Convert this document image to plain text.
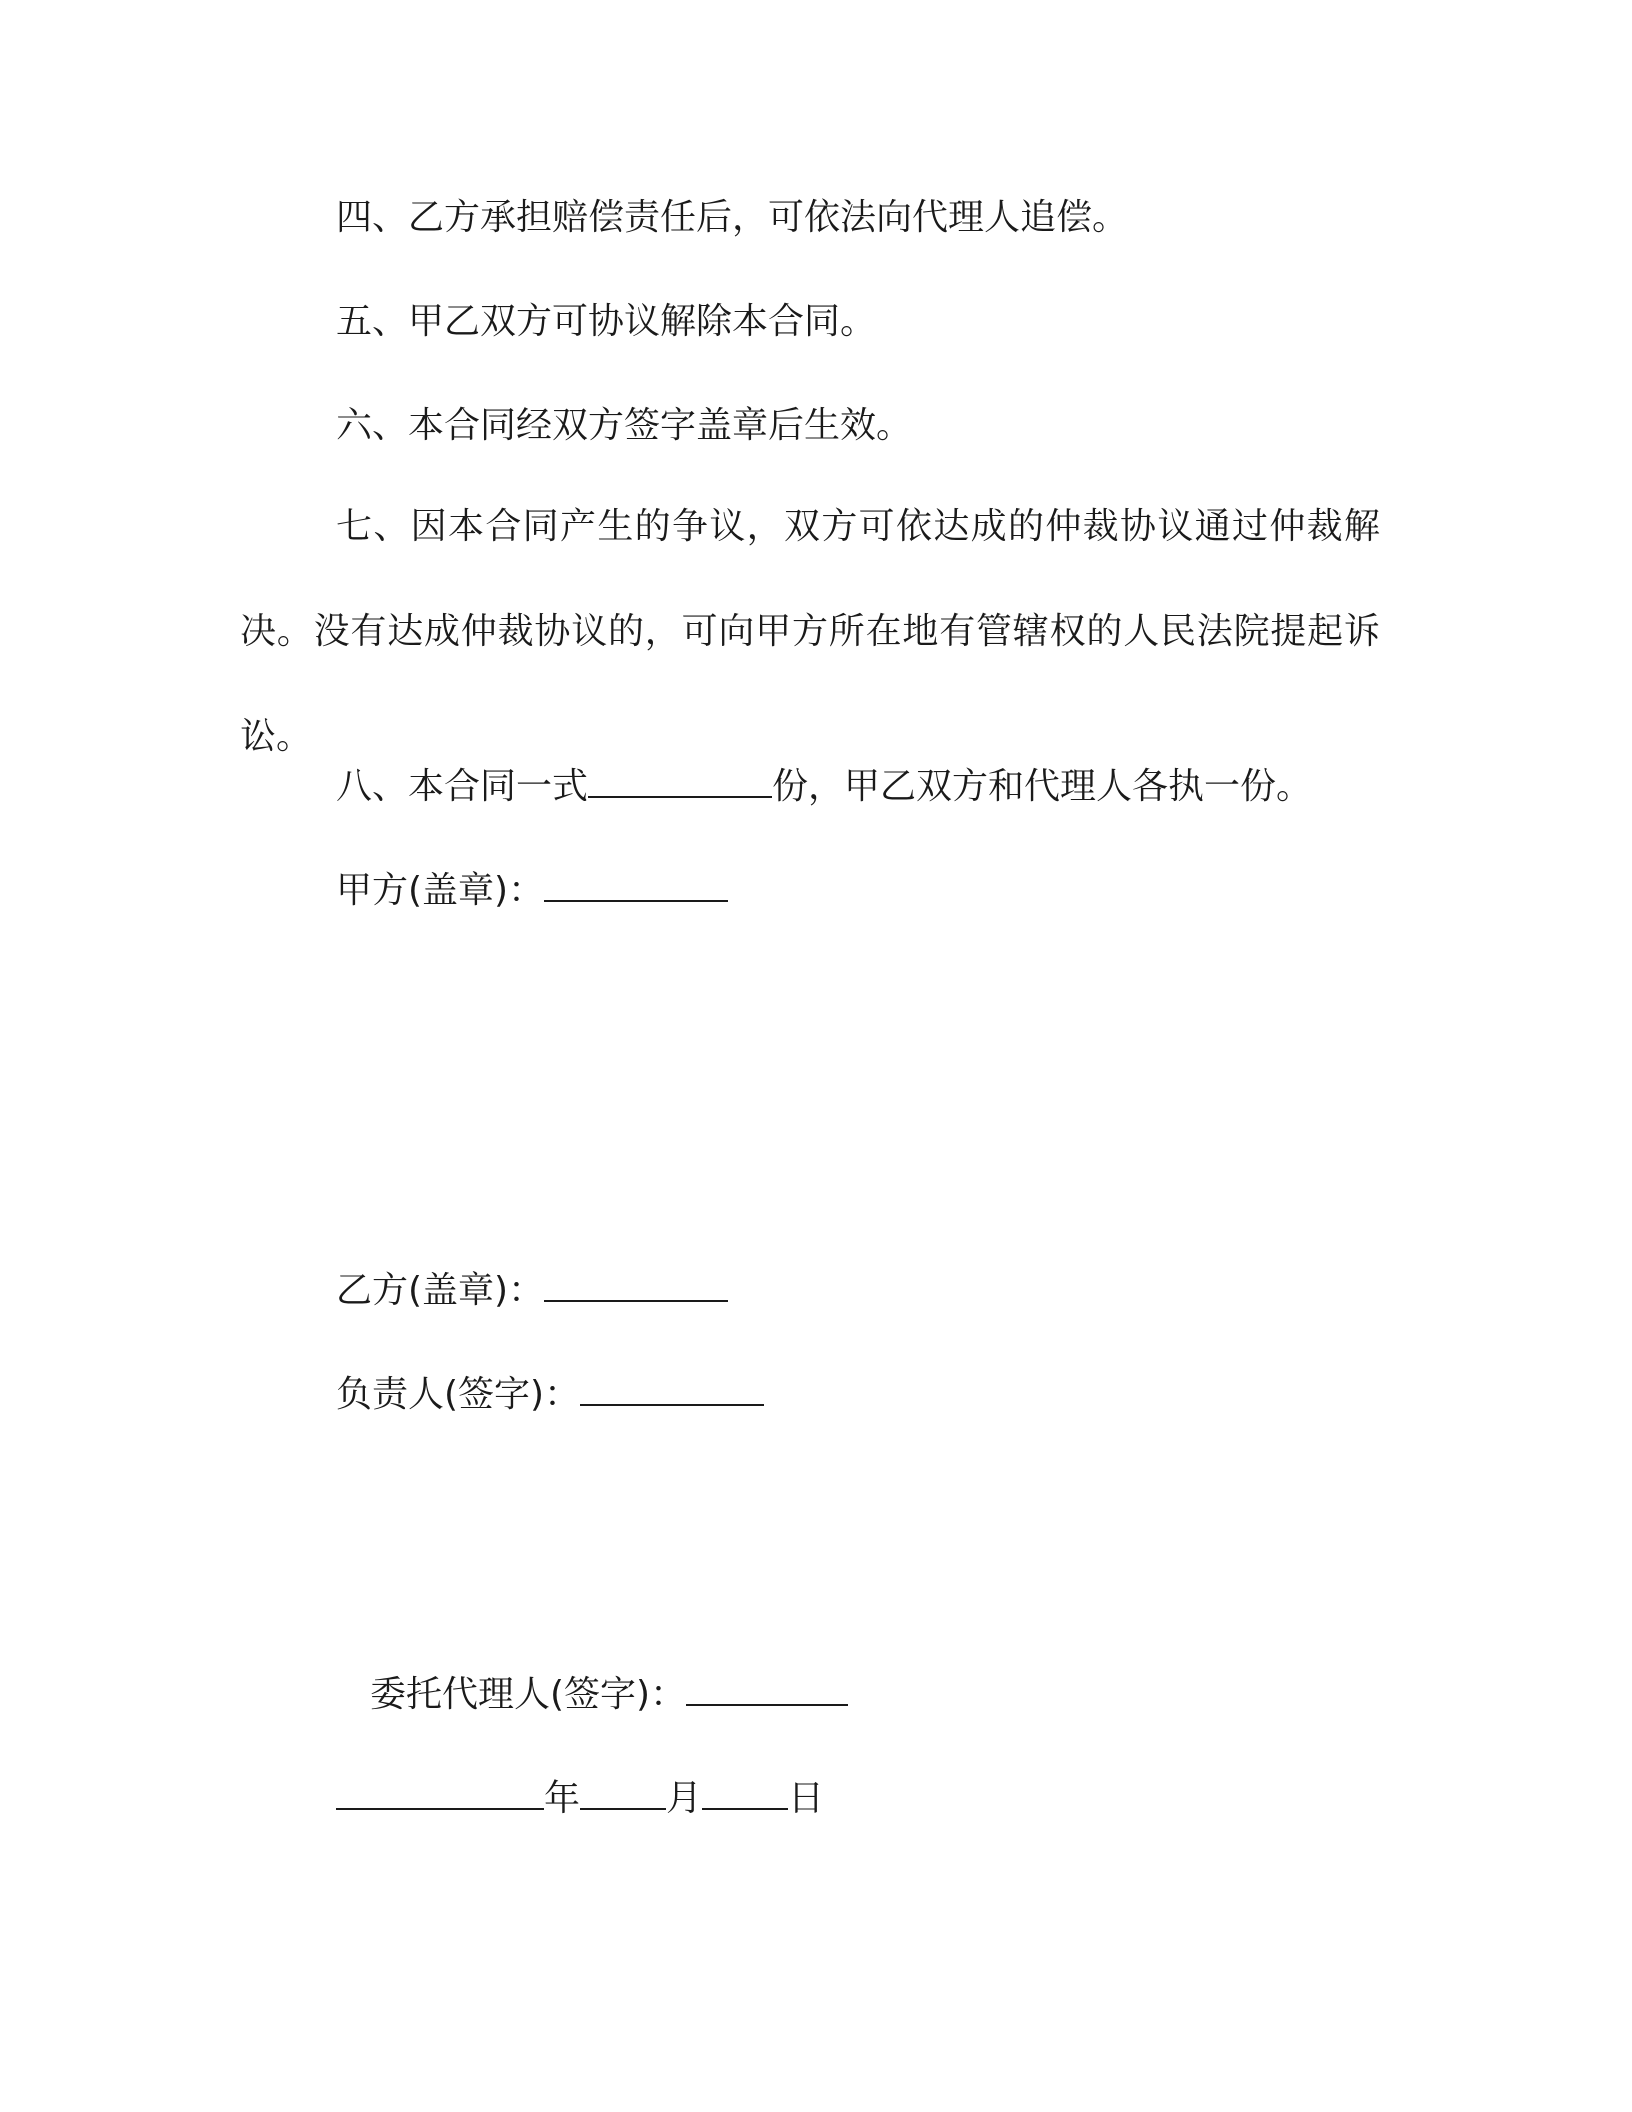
四、乙方承担赔偿责任后，可依法向代理人追偿。
五、甲乙双方可协议解除本合同。
六、本合同经双方签字盖章后生效。
七、因本合同产生的争议，双方可依达成的仲裁协议通过仲裁解决。没有达成仲裁协议的，可向甲方所在地有管辖权的人民法院提起诉讼。
八、本合同一式	份，甲乙双方和代理人各执一份。
甲方(盖章)：
乙方(盖章)：
负责人(签字)：
委托代理人(签字)：
年 月 日
